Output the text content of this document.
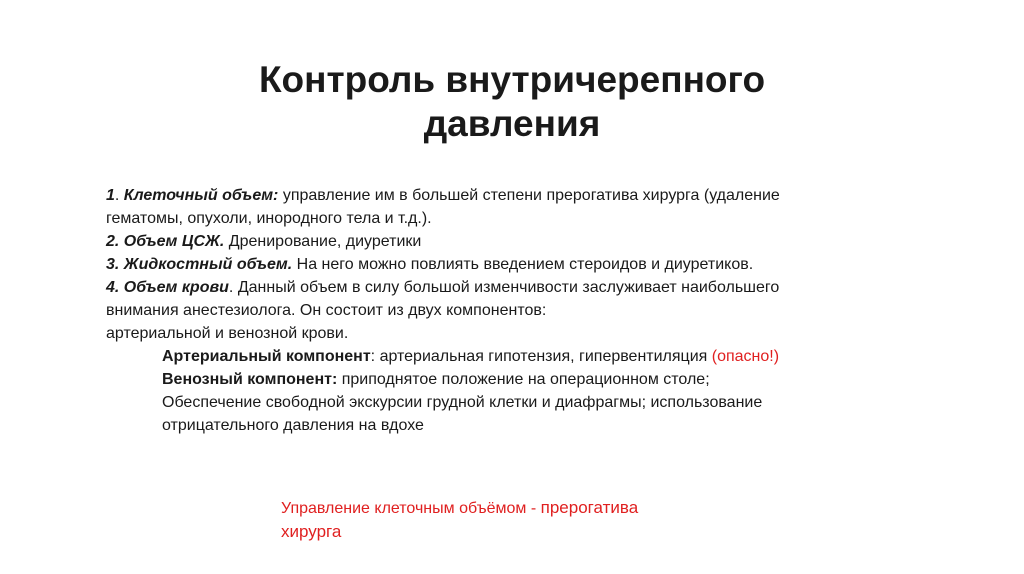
Контроль внутричерепного
давления
1. Клеточный объем: управление им в большей степени прерогатива хирурга (удаление
гематомы, опухоли, инородного тела и т.д.).
2. Объем ЦСЖ. Дренирование, диуретики
3. Жидкостный объем. На него можно повлиять введением стероидов и диуретиков.
4. Объем крови. Данный объем в силу большой изменчивости заслуживает наибольшего
внимания анестезиолога. Он состоит из двух компонентов:
артериальной и венозной крови.
Артериальный компонент: артериальная гипотензия, гипервентиляция (опасно!)
Венозный компонент: приподнятое положение на операционном столе;
Обеспечение свободной экскурсии грудной клетки и диафрагмы; использование
отрицательного давления на вдохе
Управление клеточным объёмом - прерогатива
хирурга
